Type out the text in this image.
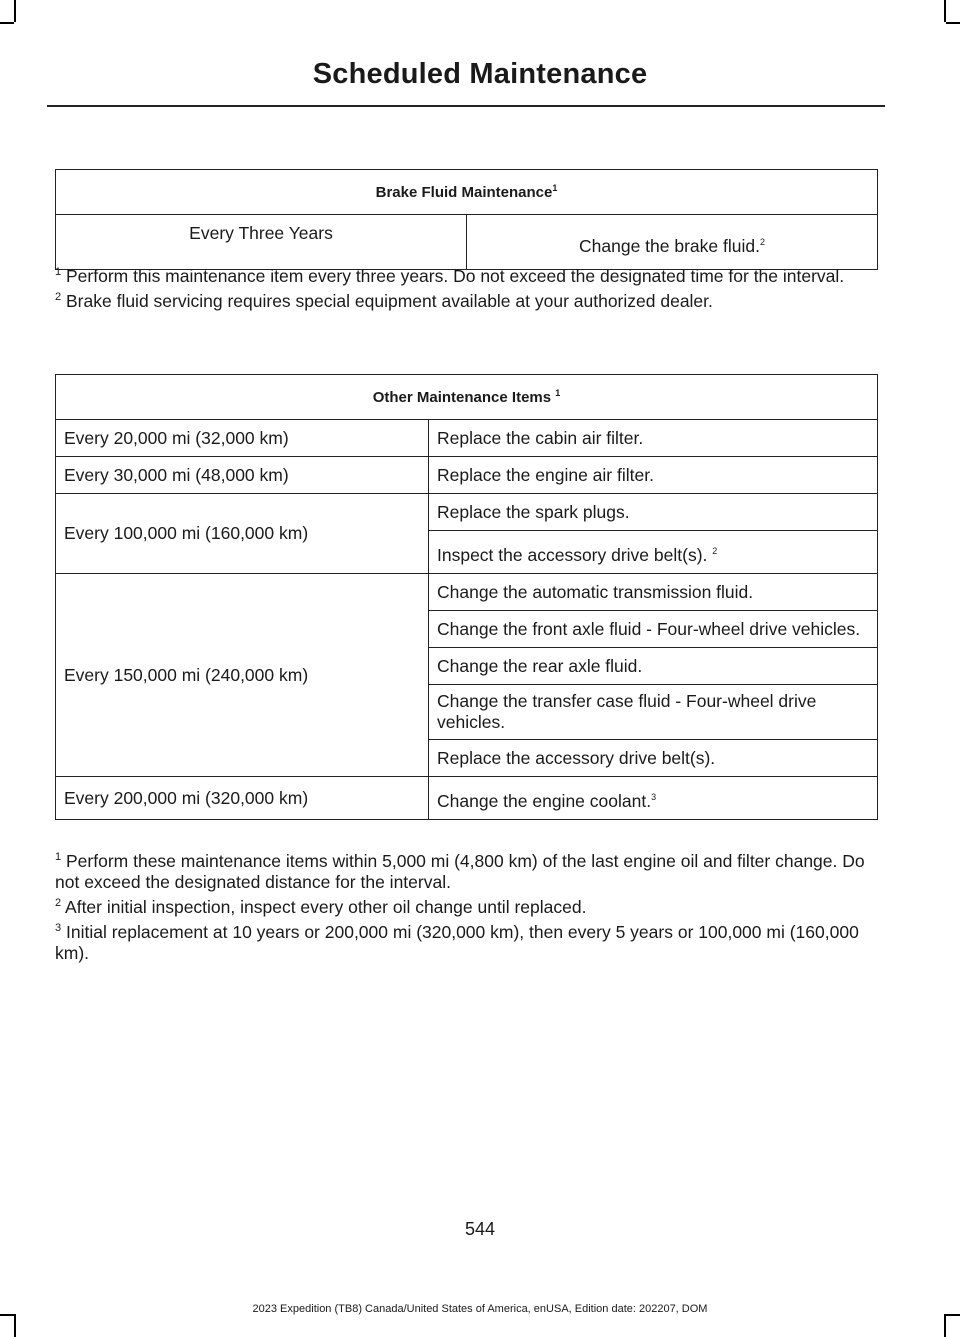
Scheduled Maintenance
Brake Fluid Maintenance$^1$
Every Three Years	Change the brake fluid.$^2$

$^1$ Perform this maintenance item every three years. Do not exceed the designated time for the interval.

$^2$ Brake fluid servicing requires special equipment available at your authorized dealer.

Other Maintenance Items $^1$
Every 20,000 mi (32,000 km)	Replace the cabin air filter.
Every 30,000 mi (48,000 km)	Replace the engine air filter.
Every 100,000 mi (160,000 km)	Replace the spark plugs.
	Inspect the accessory drive belt(s). $^2$
Every 150,000 mi (240,000 km)	Change the automatic transmission fluid.
	Change the front axle fluid - Four-wheel drive vehicles.
	Change the rear axle fluid.
	Change the transfer case fluid - Four-wheel drive vehicles.
	Replace the accessory drive belt(s).
Every 200,000 mi (320,000 km)	Change the engine coolant.$^3$

$^1$ Perform these maintenance items within 5,000 mi (4,800 km) of the last engine oil and filter change. Do not exceed the designated distance for the interval.

$^2$ After initial inspection, inspect every other oil change until replaced.

$^3$ Initial replacement at 10 years or 200,000 mi (320,000 km), then every 5 years or 100,000 mi (160,000 km).

544
2023 Expedition (TB8) Canada/United States of America, enUSA, Edition date: 202207, DOM
